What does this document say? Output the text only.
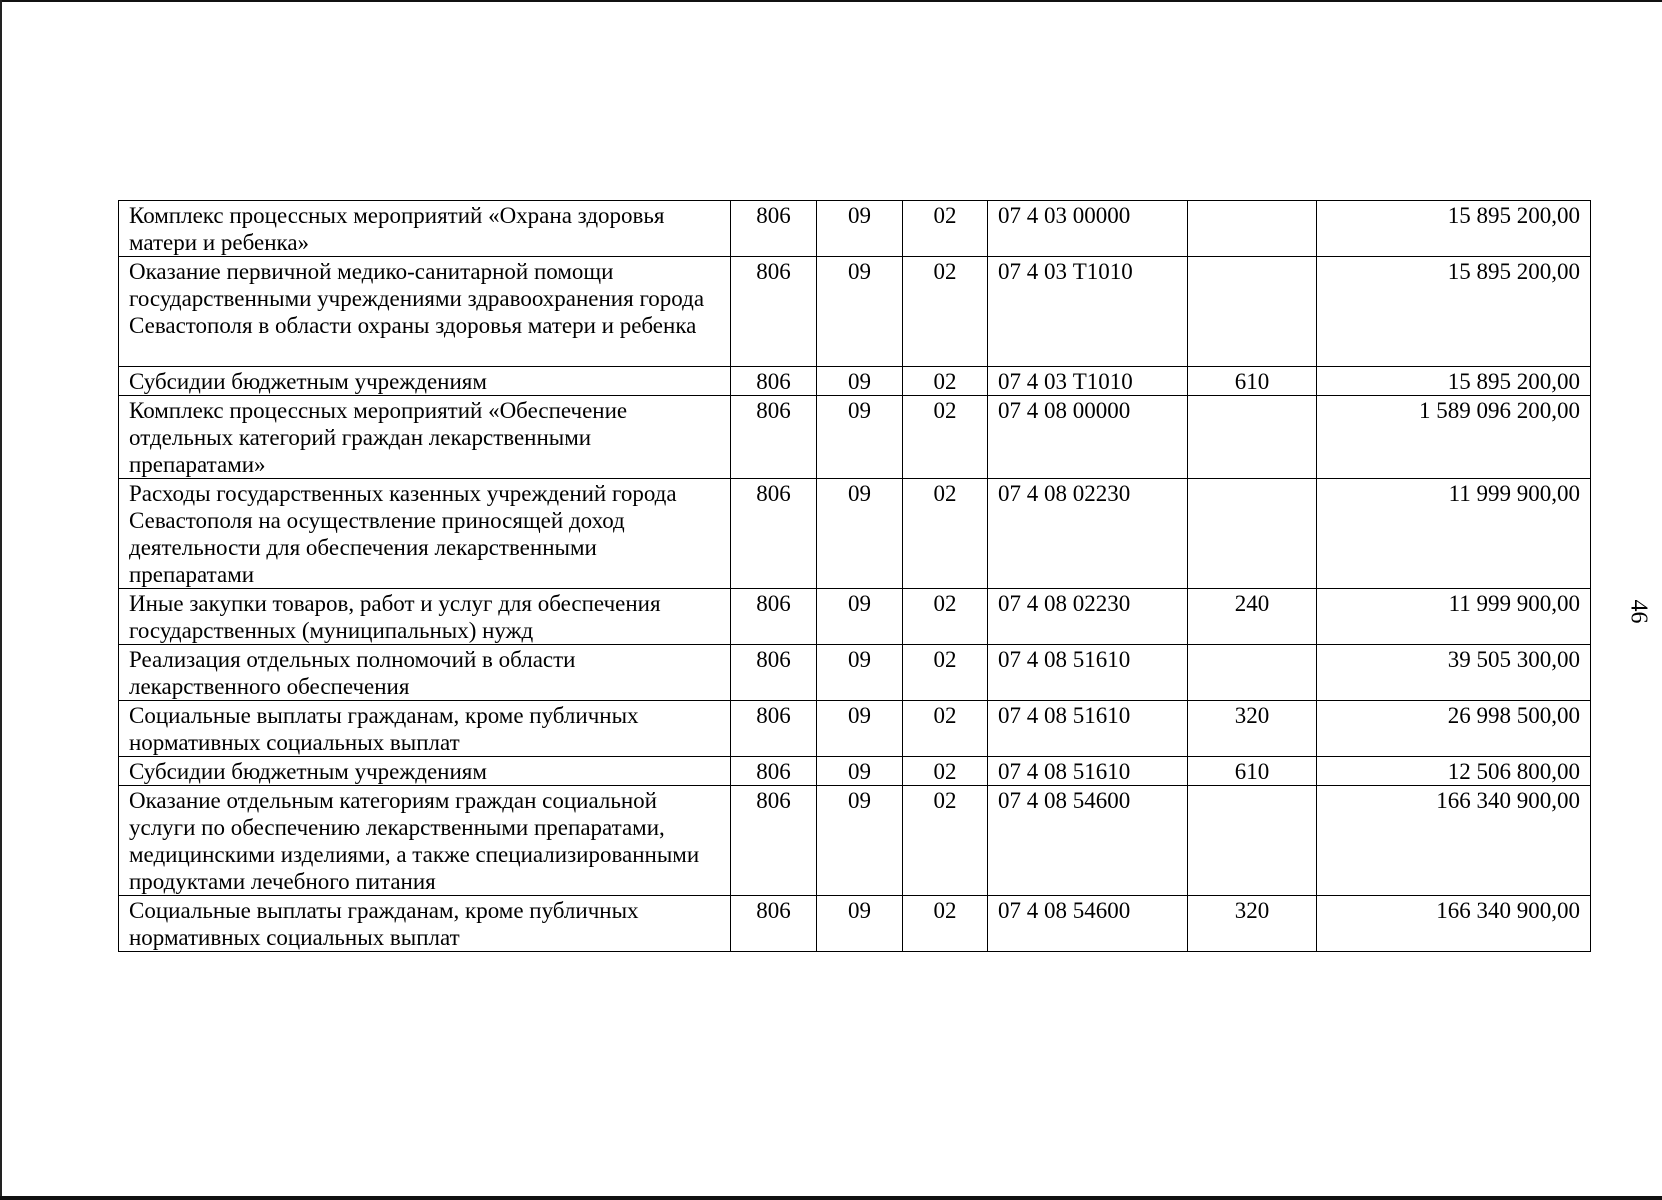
46
Комплекс процессных мероприятий «Охрана здоровья матери и ребенка»	806	09	02	07 4 03 00000		15 895 200,00
Оказание первичной медико-санитарной помощи государственными учреждениями здравоохранения города Севастополя в области охраны здоровья матери и ребенка	806	09	02	07 4 03 Т1010		15 895 200,00
Субсидии бюджетным учреждениям	806	09	02	07 4 03 Т1010	610	15 895 200,00
Комплекс процессных мероприятий «Обеспечение отдельных категорий граждан лекарственными препаратами»	806	09	02	07 4 08 00000		1 589 096 200,00
Расходы государственных казенных учреждений города Севастополя на осуществление приносящей доход деятельности для обеспечения лекарственными препаратами	806	09	02	07 4 08 02230		11 999 900,00
Иные закупки товаров, работ и услуг для обеспечения государственных (муниципальных) нужд	806	09	02	07 4 08 02230	240	11 999 900,00
Реализация отдельных полномочий в области лекарственного обеспечения	806	09	02	07 4 08 51610		39 505 300,00
Социальные выплаты гражданам, кроме публичных нормативных социальных выплат	806	09	02	07 4 08 51610	320	26 998 500,00
Субсидии бюджетным учреждениям	806	09	02	07 4 08 51610	610	12 506 800,00
Оказание отдельным категориям граждан социальной услуги по обеспечению лекарственными препаратами, медицинскими изделиями, а также специализированными продуктами лечебного питания	806	09	02	07 4 08 54600		166 340 900,00
Социальные выплаты гражданам, кроме публичных нормативных социальных выплат	806	09	02	07 4 08 54600	320	166 340 900,00
